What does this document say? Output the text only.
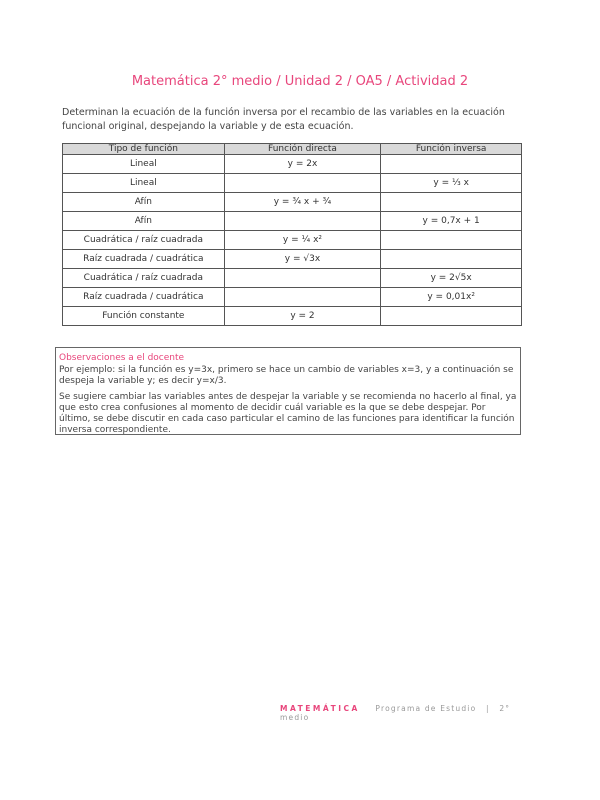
Matemática 2° medio / Unidad 2 / OA5 / Actividad 2
Determinan la ecuación de la función inversa por el recambio de las variables en la ecuación funcional original, despejando la variable y de esta ecuación.
Tipo de función	Función directa	Función inversa
Lineal	y = 2x	
Lineal		y = ⅓ x
Afín	y = ¾ x + ¾	
Afín		y = 0,7x + 1
Cuadrática / raíz cuadrada	y = ¼ x²	
Raíz cuadrada / cuadrática	y = √3x	
Cuadrática / raíz cuadrada		y = 2√5x
Raíz cuadrada / cuadrática		y = 0,01x²
Función constante	y = 2	
Observaciones a el docente

Por ejemplo: si la función es y=3x, primero se hace un cambio de variables x=3, y a continuación se despeja la variable y; es decir y=x/3.

Se sugiere cambiar las variables antes de despejar la variable y se recomienda no hacerlo al final, ya que esto crea confusiones al momento de decidir cuál variable es la que se debe despejar. Por último, se debe discutir en cada caso particular el camino de las funciones para identificar la función inversa correspondiente.

MATEMÁTICA Programa de Estudio | 2° medio
